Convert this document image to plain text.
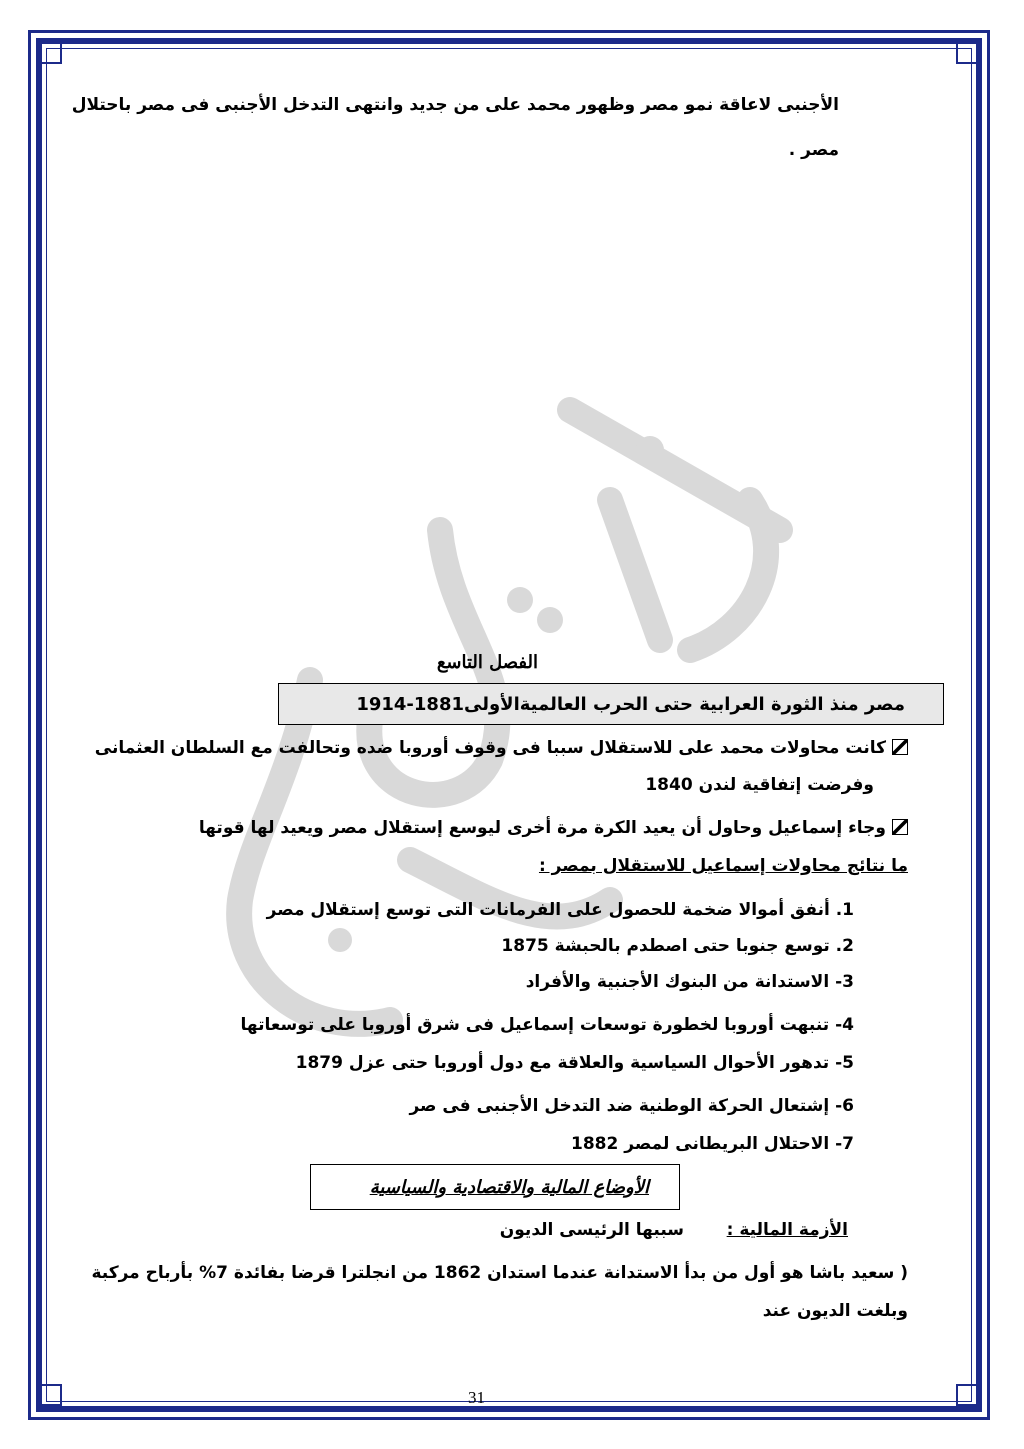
الأجنبى لاعاقة نمو مصر وظهور محمد على من جديد وانتهى التدخل الأجنبى فى مصر باحتلال
مصر .
الفصل التاسع
مصر منذ الثورة العرابية حتى الحرب العالميةالأولى1881-1914
كانت محاولات محمد على للاستقلال سببا فى وقوف أوروبا ضده وتحالفت مع السلطان العثمانى
وفرضت إتفاقية لندن 1840
وجاء إسماعيل وحاول أن يعيد الكرة مرة أخرى ليوسع إستقلال مصر ويعيد لها قوتها
ما نتائج محاولات إسماعيل للاستقلال بمصر :
1. أنفق أموالا ضخمة للحصول على الفرمانات التى توسع إستقلال مصر
2. توسع جنوبا حتى اصطدم بالحبشة 1875
3- الاستدانة من البنوك الأجنبية والأفراد
4- تنبهت أوروبا لخطورة توسعات إسماعيل فى شرق أوروبا على توسعاتها
5- تدهور الأحوال السياسية والعلاقة مع دول أوروبا حتى عزل 1879
6- إشتعال الحركة الوطنية ضد التدخل الأجنبى فى صر
7- الاحتلال البريطانى لمصر 1882
الأوضاع المالية والاقتصادية والسياسية
الأزمة المالية :
سببها الرئيسى الديون
( سعيد باشا هو أول من بدأ الاستدانة عندما استدان 1862 من انجلترا قرضا بفائدة 7% بأرباح مركبة
وبلغت الديون عند
31
